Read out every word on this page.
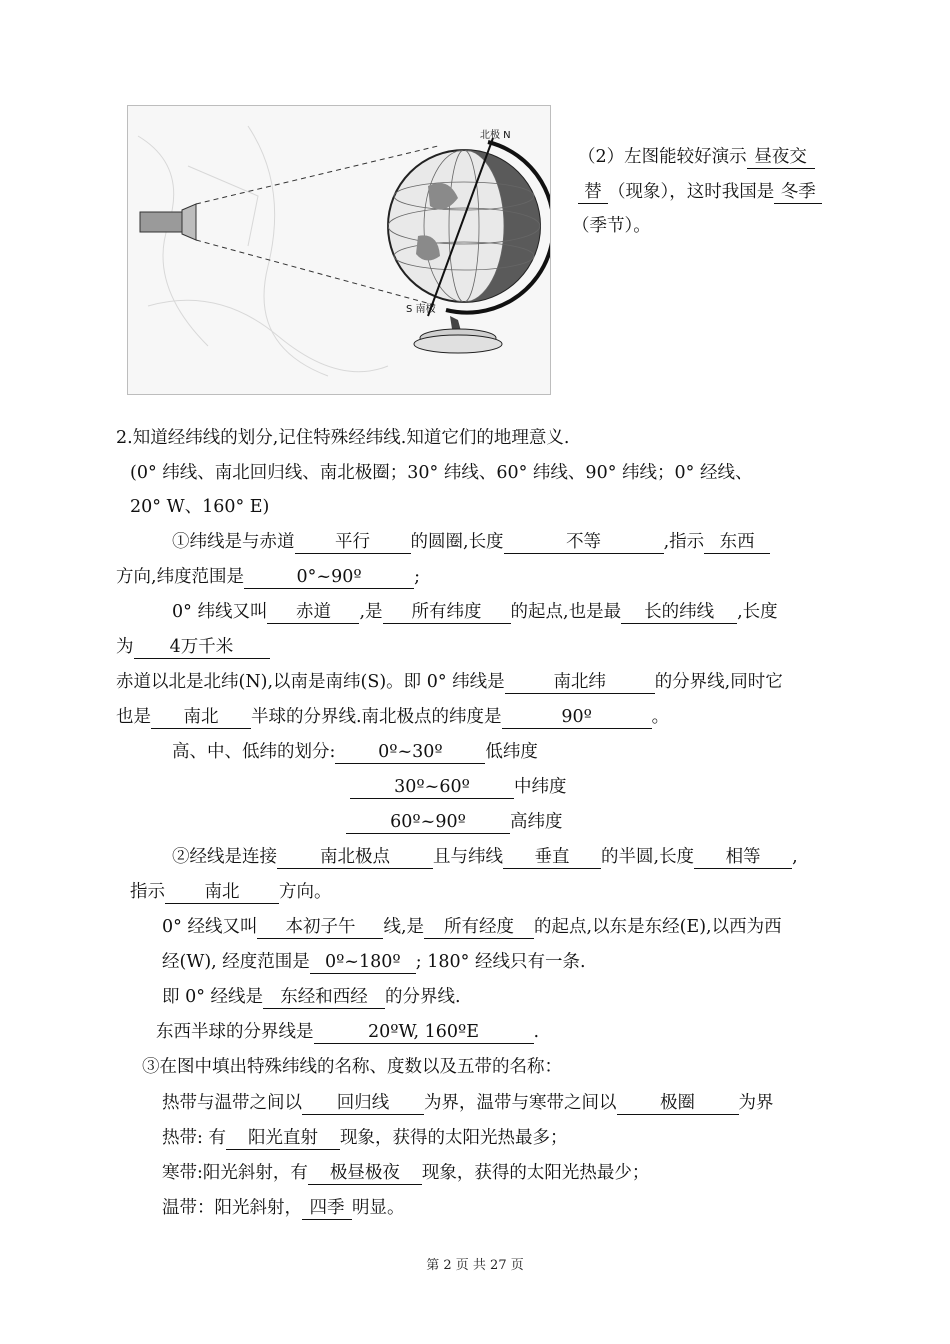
北极 N
S 南极
（2）左图能较好演示 昼夜交
替 （现象），这时我国是 冬季
（季节）。
2.知道经纬线的划分,记住特殊经纬线.知道它们的地理意义.
(0° 纬线、南北回归线、南北极圈；30° 纬线、60° 纬线、90° 纬线；0° 经线、
20° W、160° E)
①纬线是与赤道 平行 的圆圈,长度	不等	,指示 东西
方向,纬度范围是	0°~90º	;
0° 纬线又叫 赤道 ,是 所有纬度 的起点,也是最 长的纬线 ,长度
为 4万千米
赤道以北是北纬(N),以南是南纬(S)。即 0° 纬线是	南北纬	的分界线,同时它
也是 南北 半球的分界线.南北极点的纬度是	90º	。
高、中、低纬的划分: 0º~30º 低纬度
30º~60º	中纬度
60º~90º	高纬度
②经线是连接 南北极点 且与纬线 垂直 的半圆,长度 相等 ,
指示 南北 方向。
0° 经线又叫 本初子午 线,是 所有经度 的起点,以东是东经(E),以西为西
经(W), 经度范围是 0º~180º ; 180° 经线只有一条.
即 0° 经线是 东经和西经 的分界线.
东西半球的分界线是	20ºW, 160ºE	.
③在图中填出特殊纬线的名称、度数以及五带的名称：
热带与温带之间以 回归线 为界，温带与寒带之间以 极圈 为界
热带: 有 阳光直射 现象，获得的太阳光热最多；
寒带:阳光斜射，有 极昼极夜 现象，获得的太阳光热最少；
温带：阳光斜射， 四季 明显。
第 2 页 共 27 页
